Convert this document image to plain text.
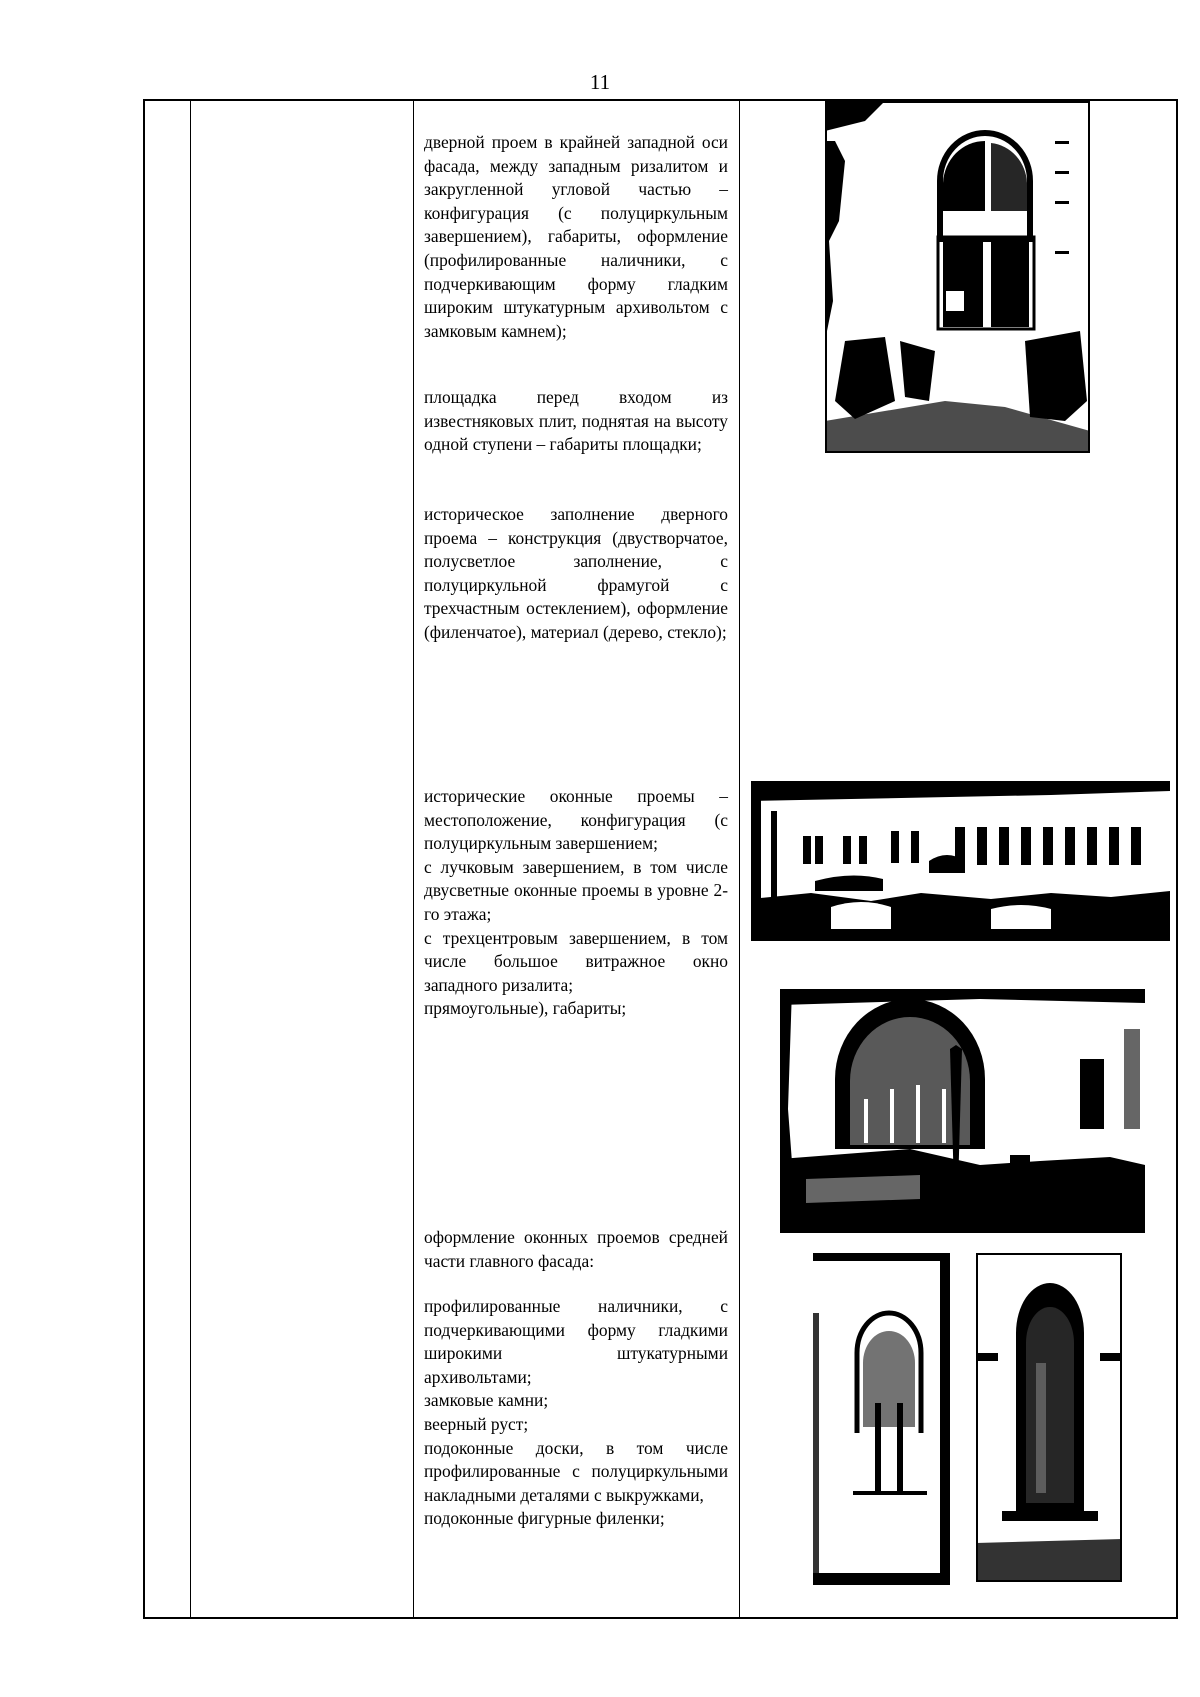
11

дверной проем в крайней западной оси фасада, между западным ризалитом и закругленной угловой частью – конфигурация (с полуциркульным завершением), габариты, оформление (профилированные наличники, с подчеркивающим форму гладким широким штукатурным архивольтом с замковым камнем);

площадка перед входом из известняковых плит, поднятая на высоту одной ступени – габариты площадки;

историческое заполнение дверного проема – конструкция (двустворчатое, полусветлое заполнение, с полуциркульной фрамугой с трехчастным остеклением), оформление (филенчатое), материал (дерево, стекло);

исторические оконные проемы – местоположение, конфигурация (с полуциркульным завершением;
с лучковым завершением, в том числе двусветные оконные проемы в уровне 2-го этажа;
с трехцентровым завершением, в том числе большое витражное окно западного ризалита;
прямоугольные), габариты;

оформление оконных проемов средней части главного фасада:

профилированные наличники, с подчеркивающими форму гладкими широкими штукатурными архивольтами;
замковые камни;
веерный руст;
подоконные доски, в том числе профилированные с полуциркульными накладными деталями с выкружками,
подоконные фигурные филенки;
